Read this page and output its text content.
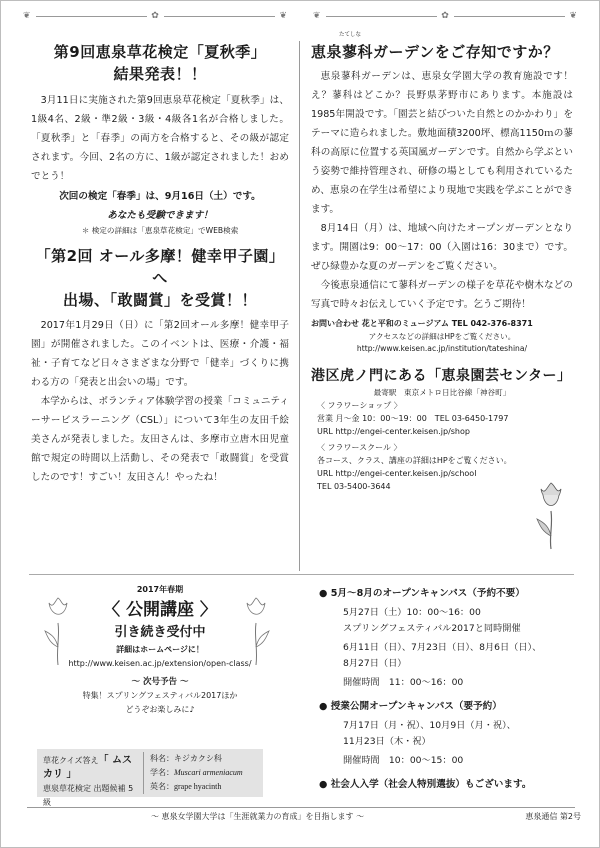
❦	✿	❦	❦	✿	❦
第9回恵泉草花検定「夏秋季」
結果発表！！
3月11日に実施された第9回恵泉草花検定「夏秋季」は、1級4名、2級・準2級・3級・4級各1名が合格しました。「夏秋季」と「春季」の両方を合格すると、その級が認定されます。今回、2名の方に、1級が認定されました！おめでとう！
次回の検定「春季」は、9月16日（土）です。
あなたも受験できます！
＊ 検定の詳細は「恵泉草花検定」でWEB検索
「第2回 オール多摩！健幸甲子園」へ
出場、「敢闘賞」を受賞！！
2017年1月29日（日）に「第2回オール多摩！健幸甲子園」が開催されました。このイベントは、医療・介護・福祉・子育てなど日々さまざまな分野で「健幸」づくりに携わる方の「発表と出会いの場」です。
本学からは、ボランティア体験学習の授業「コミュニティーサービスラーニング（CSL）」について3年生の友田千絵美さんが発表しました。友田さんは、多摩市立唐木田児童館で規定の時間以上活動し、その発表で「敢闘賞」を受賞したのです！すごい！友田さん！やったね！
たてしな
恵泉蓼科ガーデンをご存知ですか？
恵泉蓼科ガーデンは、恵泉女学園大学の教育施設です！え？蓼科はどこか？長野県茅野市にあります。本施設は1985年開設です。「園芸と結びついた自然とのかかわり」をテーマに造られました。敷地面積3200坪、標高1150ｍの蓼科の高原に位置する英国風ガーデンです。自然から学ぶという姿勢で維持管理され、研修の場としても利用されているため、恵泉の在学生は希望により現地で実践を学ぶことができます。
8月14日（月）は、地域へ向けたオープンガーデンとなります。開園は9：00～17：00（入園は16：30まで）です。ぜひ緑豊かな夏のガーデンをご覧ください。
今後恵泉通信にて蓼科ガーデンの様子を草花や樹木などの写真で時々お伝えしていく予定です。乞うご期待！
お問い合わせ 花と平和のミュージアム TEL 042-376-8371
アクセスなどの詳細はHPをご覧ください。
http://www.keisen.ac.jp/institution/tateshina/
港区虎ノ門にある「恵泉園芸センター」
最寄駅　東京メトロ日比谷線「神谷町」
〈 フラワーショップ 〉
営業 月～金 10：00～19：00　TEL 03-6450-1797
URL http://engei-center.keisen.jp/shop
〈 フラワースクール 〉
各コース、クラス、講座の詳細はHPをご覧ください。
URL http://engei-center.keisen.jp/school
TEL 03-5400-3644
2017年春期
〈 公開講座 〉
引き続き受付中
詳細はホームページに！
http://www.keisen.ac.jp/extension/open-class/
～ 次号予告 ～
特集！スプリングフェスティバル2017ほか
どうぞお楽しみに♪
草花クイズ答え「 ムスカリ 」
恵泉草花検定 出題候補 5級
科名：キジカクシ科
学名：Muscari armeniacum
英名：grape hyacinth
● 5月～8月のオープンキャンパス（予約不要）
5月27日（土）10：00～16：00
スプリングフェスティバル2017と同時開催
6月11日（日）、7月23日（日）、8月6日（日）、
8月27日（日）
開催時間　11：00～16：00
● 授業公開オープンキャンパス（要予約）
7月17日（月・祝）、10月9日（月・祝）、
11月23日（木・祝）
開催時間　10：00～15：00
● 社会人入学（社会人特別選抜）もございます。
～ 恵泉女学園大学は「生涯就業力の育成」を目指します ～	恵泉通信 第2号
